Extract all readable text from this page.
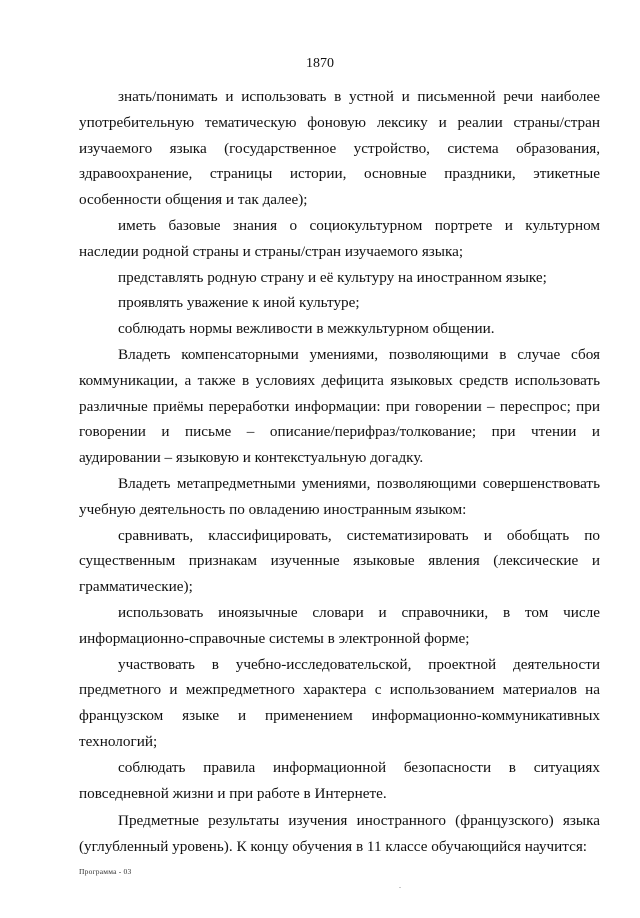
1870

знать/понимать и использовать в устной и письменной речи наиболее употребительную тематическую фоновую лексику и реалии страны/стран изучаемого языка (государственное устройство, система образования, здравоохранение, страницы истории, основные праздники, этикетные особенности общения и так далее);

иметь базовые знания о социокультурном портрете и культурном наследии родной страны и страны/стран изучаемого языка;

представлять родную страну и её культуру на иностранном языке;

проявлять уважение к иной культуре;

соблюдать нормы вежливости в межкультурном общении.

Владеть компенсаторными умениями, позволяющими в случае сбоя коммуникации, а также в условиях дефицита языковых средств использовать различные приёмы переработки информации: при говорении – переспрос; при говорении и письме – описание/перифраз/толкование; при чтении и аудировании – языковую и контекстуальную догадку.

Владеть метапредметными умениями, позволяющими совершенствовать учебную деятельность по овладению иностранным языком:

сравнивать, классифицировать, систематизировать и обобщать по существенным признакам изученные языковые явления (лексические и грамматические);

использовать иноязычные словари и справочники, в том числе информационно-справочные системы в электронной форме;

участвовать в учебно-исследовательской, проектной деятельности предметного и межпредметного характера с использованием материалов на французском языке и применением информационно-коммуникативных технологий;

соблюдать правила информационной безопасности в ситуациях повседневной жизни и при работе в Интернете.

Предметные результаты изучения иностранного (французского) языка (углубленный уровень). К концу обучения в 11 классе обучающийся научится:

Программа - 03
